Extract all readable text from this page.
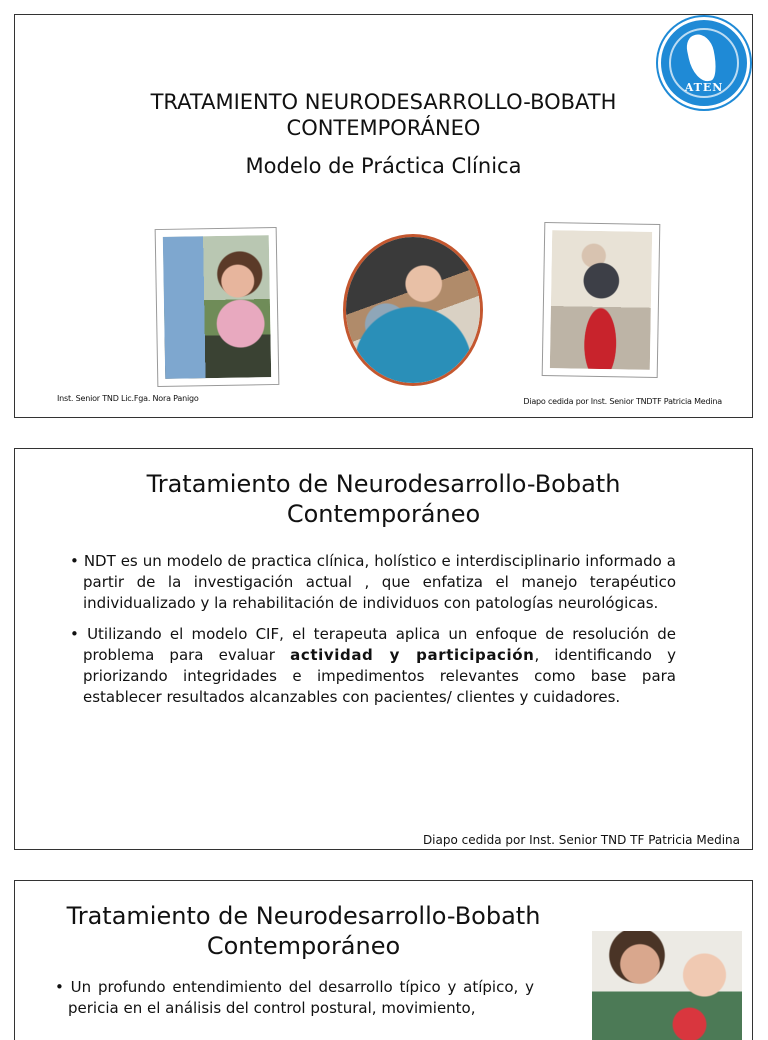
TRATAMIENTO NEURODESARROLLO-BOBATH CONTEMPORÁNEO
Modelo de Práctica Clínica
ATEN
Inst. Senior TND Lic.Fga. Nora Panigo	Diapo cedida por Inst. Senior TNDTF Patricia Medina
Tratamiento de Neurodesarrollo-Bobath Contemporáneo

• NDT es un modelo de practica clínica, holístico e interdisciplinario informado a partir de la investigación actual , que enfatiza el manejo terapéutico individualizado y la rehabilitación de individuos con patologías neurológicas.

• Utilizando el modelo CIF, el terapeuta aplica un enfoque de resolución de problema para evaluar actividad y participación, identificando y priorizando integridades e impedimentos relevantes como base para establecer resultados alcanzables con pacientes/ clientes y cuidadores.

Diapo cedida por Inst. Senior TND TF Patricia Medina
Tratamiento de Neurodesarrollo-Bobath Contemporáneo

• Un profundo entendimiento del desarrollo típico y atípico, y pericia en el análisis del control postural, movimiento,
